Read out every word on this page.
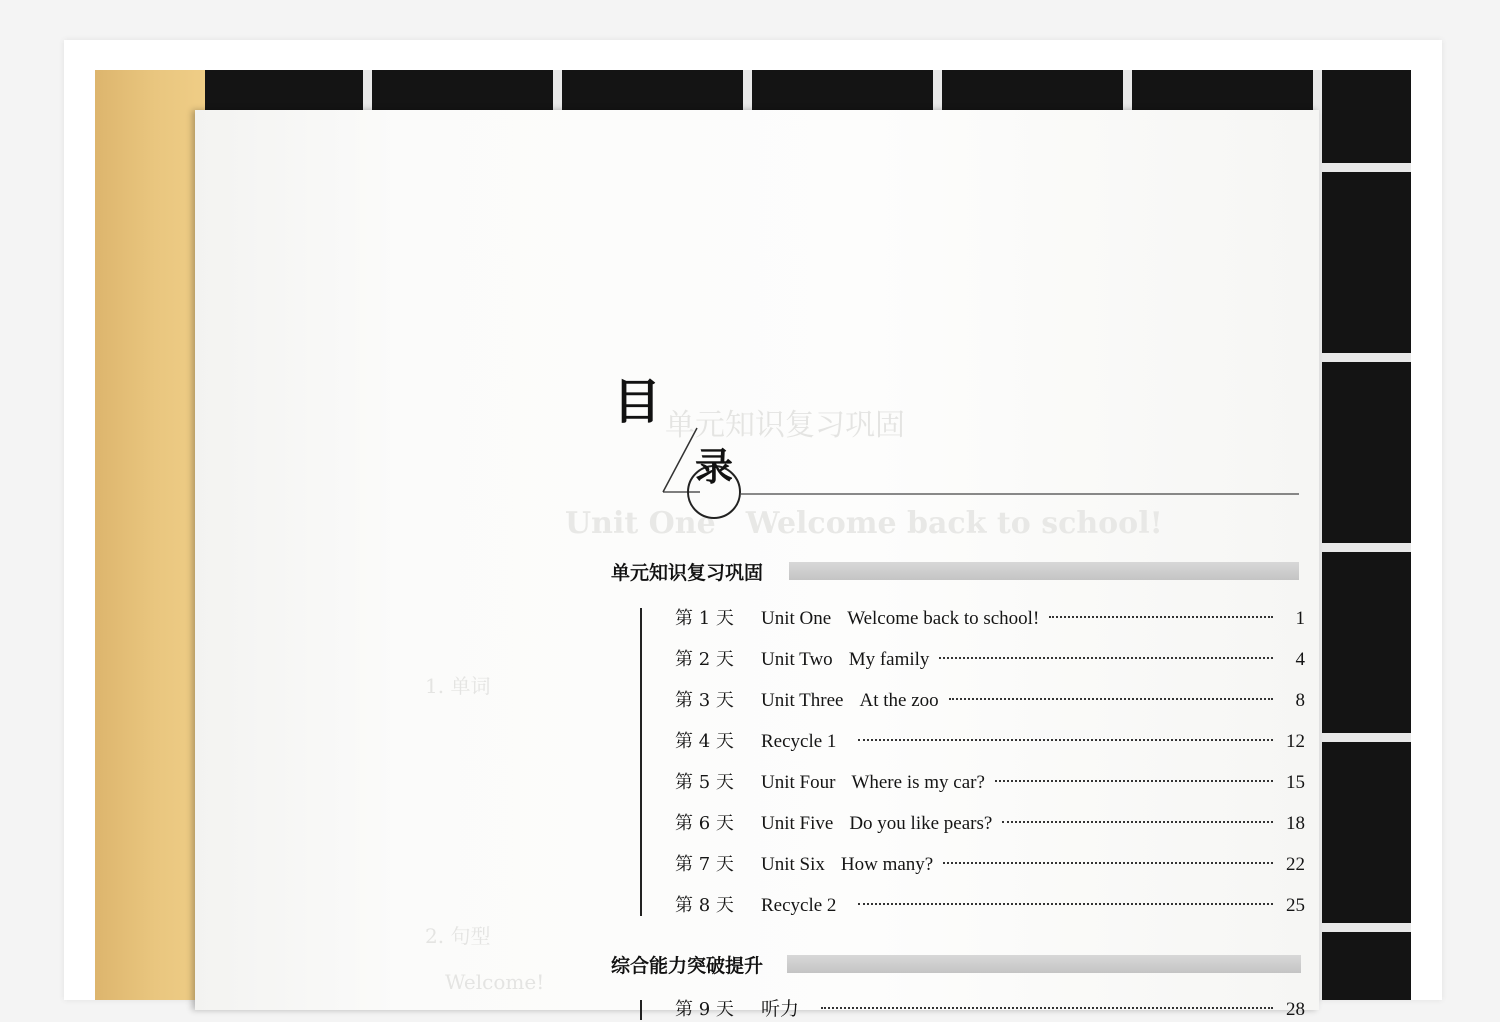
单元知识复习巩固
Unit One　Welcome back to school!
1. 单词
2. 句型
Welcome!
目
录
单元知识复习巩固
第 1 天	Unit One Welcome back to school!	1
第 2 天	Unit Two My family	4
第 3 天	Unit Three At the zoo	8
第 4 天	Recycle 1	12
第 5 天	Unit Four Where is my car?	15
第 6 天	Unit Five Do you like pears?	18
第 7 天	Unit Six How many?	22
第 8 天	Recycle 2	25
综合能力突破提升
第 9 天	听力	28
